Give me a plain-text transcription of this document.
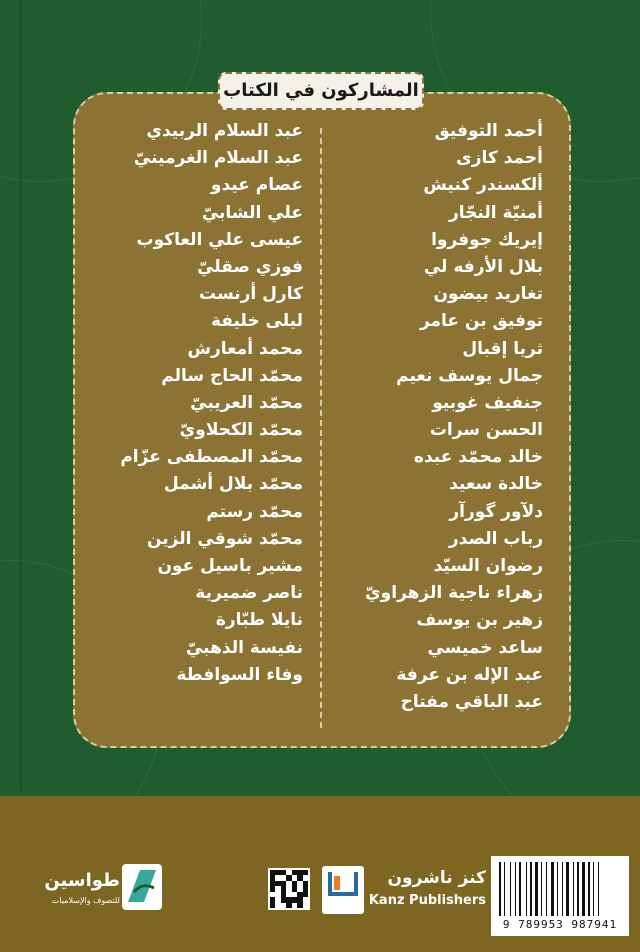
المشاركون في الكتاب
أحمد التوفيق
أحمد كازى
ألكسندر كنيش
أمنيّة النجّار
إيريك جوفروا
بلال الأرفه لي
تغاريد بيضون
توفيق بن عامر
ثريا إقبال
جمال يوسف نعيم
جنفيف غوبيو
الحسن سرات
خالد محمّد عبده
خالدة سعيد
دلآور گورآر
رباب الصدر
رضوان السيّد
زهراء ناجية الزهراويّ
زهير بن يوسف
ساعد خميسي
عبد الإله بن عرفة
عبد الباقي مفتاح
عبد السلام الربيدي
عبد السلام الغرمينيّ
عصام عيدو
علي الشابيّ
عيسى علي العاكوب
فوزي صقليّ
كارل أرنست
ليلى خليفة
محمد أمعارش
محمّد الحاج سالم
محمّد العريبيّ
محمّد الكحلاويّ
محمّد المصطفى عزّام
محمّد بلال أشمل
محمّد رستم
محمّد شوقي الزين
مشير باسيل عون
ناصر ضميرية
نايلا طبّارة
نفيسة الذهبيّ
وفاء السوافطة
9 789953 987941
كنز ناشرون
Kanz Publishers
طواسين
للتصوف والإسلاميات
